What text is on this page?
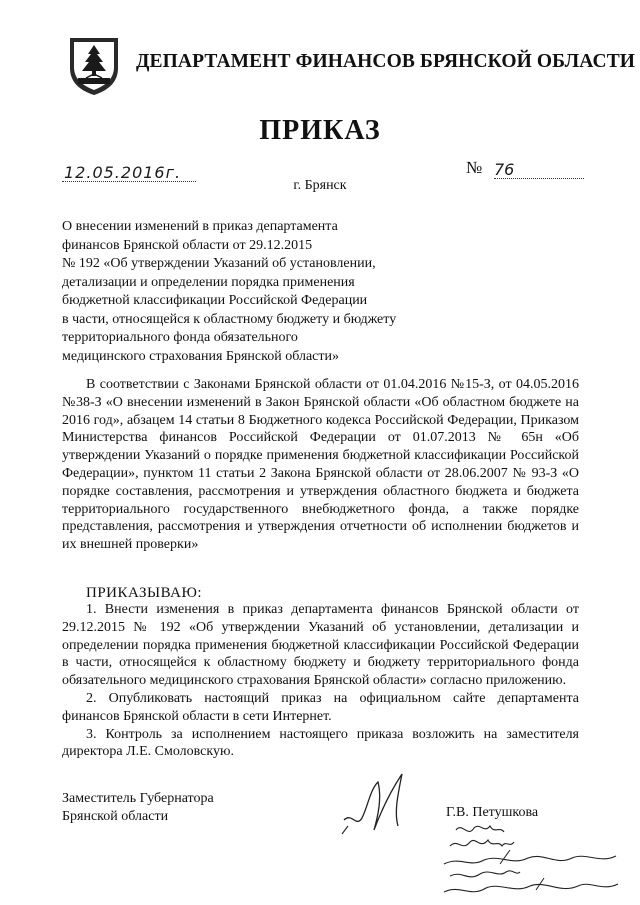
ДЕПАРТАМЕНТ ФИНАНСОВ БРЯНСКОЙ ОБЛАСТИ
ПРИКАЗ
12.05.2016г.	№ 76
г. Брянск
О внесении изменений в приказ департамента
финансов Брянской области от 29.12.2015
№ 192 «Об утверждении Указаний об установлении,
детализации и определении порядка применения
бюджетной классификации Российской Федерации
в части, относящейся к областному бюджету и бюджету
территориального фонда обязательного
медицинского страхования Брянской области»
В соответствии с Законами Брянской области от 01.04.2016 №15-З, от 04.05.2016 №38-З «О внесении изменений в Закон Брянской области «Об областном бюджете на 2016 год», абзацем 14 статьи 8 Бюджетного кодекса Российской Федерации, Приказом Министерства финансов Российской Федерации от 01.07.2013 № 65н «Об утверждении Указаний о порядке применения бюджетной классификации Российской Федерации», пунктом 11 статьи 2 Закона Брянской области от 28.06.2007 № 93-З «О порядке составления, рассмотрения и утверждения областного бюджета и бюджета территориального государственного внебюджетного фонда, а также порядке представления, рассмотрения и утверждения отчетности об исполнении бюджетов и их внешней проверки»
ПРИКАЗЫВАЮ:
1. Внести изменения в приказ департамента финансов Брянской области от 29.12.2015 № 192 «Об утверждении Указаний об установлении, детализации и определении порядка применения бюджетной классификации Российской Федерации в части, относящейся к областному бюджету и бюджету территориального фонда обязательного медицинского страхования Брянской области» согласно приложению.
2. Опубликовать настоящий приказ на официальном сайте департамента финансов Брянской области в сети Интернет.
3. Контроль за исполнением настоящего приказа возложить на заместителя директора Л.Е. Смоловскую.
Заместитель Губернатора
Брянской области	Г.В. Петушкова
